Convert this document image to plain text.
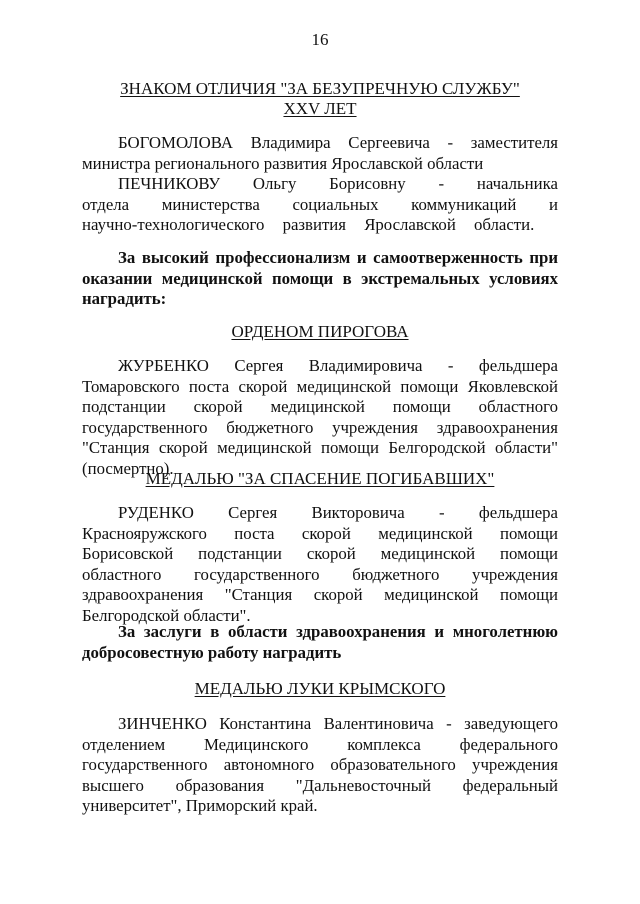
16
ЗНАКОМ ОТЛИЧИЯ "ЗА БЕЗУПРЕЧНУЮ СЛУЖБУ"
XXV ЛЕТ

БОГОМОЛОВА Владимира Сергеевича - заместителя министра регионального развития Ярославской области

ПЕЧНИКОВУ Ольгу Борисовну - начальника отдела министерства социальных коммуникаций и научно-технологического развития Ярославской области.

За высокий профессионализм и самоотверженность при оказании медицинской помощи в экстремальных условиях наградить:

ОРДЕНОМ ПИРОГОВА

ЖУРБЕНКО Сергея Владимировича - фельдшера Томаровского поста скорой медицинской помощи Яковлевской подстанции скорой медицинской помощи областного государственного бюджетного учреждения здравоохранения "Станция скорой медицинской помощи Белгородской области" (посмертно).

МЕДАЛЬЮ "ЗА СПАСЕНИЕ ПОГИБАВШИХ"

РУДЕНКО Сергея Викторовича - фельдшера Краснояружского поста скорой медицинской помощи Борисовской подстанции скорой медицинской помощи областного государственного бюджетного учреждения здравоохранения "Станция скорой медицинской помощи Белгородской области".

За заслуги в области здравоохранения и многолетнюю добросовестную работу наградить

МЕДАЛЬЮ ЛУКИ КРЫМСКОГО

ЗИНЧЕНКО Константина Валентиновича - заведующего отделением Медицинского комплекса федерального государственного автономного образовательного учреждения высшего образования "Дальневосточный федеральный университет", Приморский край.
